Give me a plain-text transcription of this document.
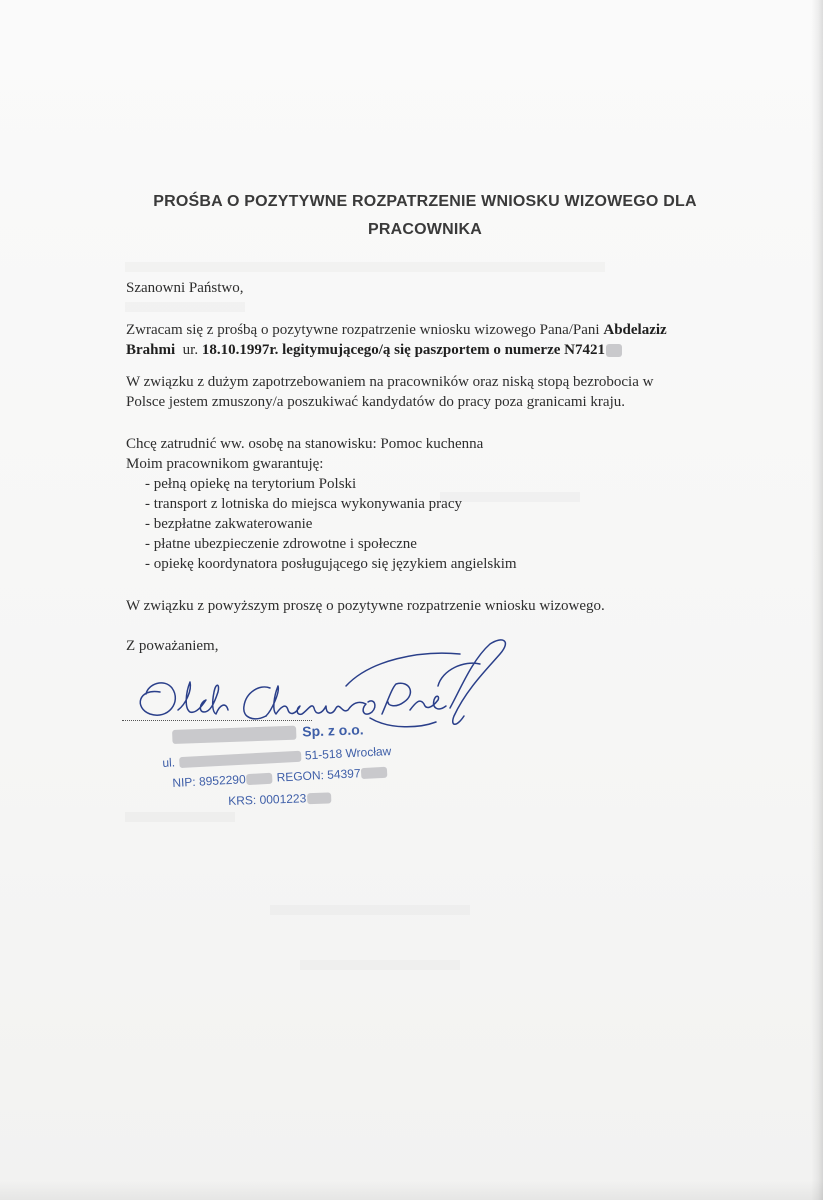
PROŚBA O POZYTYWNE ROZPATRZENIE WNIOSKU WIZOWEGO DLA
PRACOWNIKA
Szanowni Państwo,
Zwracam się z prośbą o pozytywne rozpatrzenie wniosku wizowego Pana/Pani Abdelaziz
Brahmi  ur. 18.10.1997r. legitymującego/ą się paszportem o numerze N7421
W związku z dużym zapotrzebowaniem na pracowników oraz niską stopą bezrobocia w
Polsce jestem zmuszony/a poszukiwać kandydatów do pracy poza granicami kraju.
Chcę zatrudnić ww. osobę na stanowisku: Pomoc kuchenna
Moim pracownikom gwarantuję:
- pełną opiekę na terytorium Polski
- transport z lotniska do miejsca wykonywania pracy
- bezpłatne zakwaterowanie
- płatne ubezpieczenie zdrowotne i społeczne
- opiekę koordynatora posługującego się językiem angielskim
W związku z powyższym proszę o pozytywne rozpatrzenie wniosku wizowego.
Z poważaniem,
Sp. z o.o.
ul.51-518 Wrocław
NIP: 8952290	REGON: 54397
KRS: 0001223
